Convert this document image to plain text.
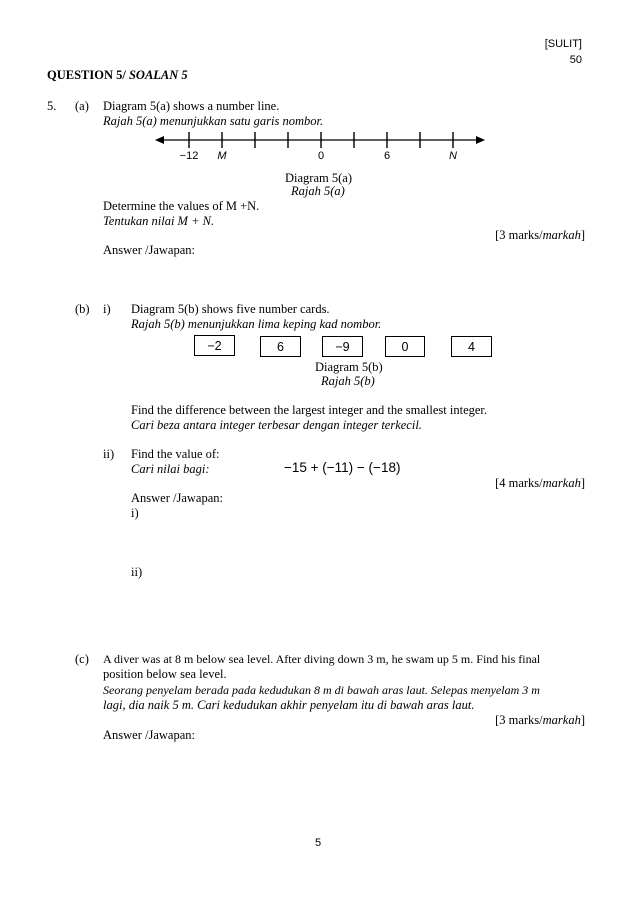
[SULIT]
50
QUESTION 5/ SOALAN 5
5. (a) Diagram 5(a) shows a number line.
Rajah 5(a) menunjukkan satu garis nombor.
−12 M	0	6	N
Diagram 5(a)
Rajah 5(a)
Determine the values of M +N.
Tentukan nilai M + N.
[3 marks/markah]
Answer /Jawapan:
(b) i) Diagram 5(b) shows five number cards.
Rajah 5(b) menunjukkan lima keping kad nombor.
−2	6	−9	0	4
Diagram 5(b)
Rajah 5(b)
Find the difference between the largest integer and the smallest integer.
Cari beza antara integer terbesar dengan integer terkecil.
ii) Find the value of:
Cari nilai bagi:	−15 + (−11) − (−18)
[4 marks/markah]
Answer /Jawapan:
i)
ii)
(c) A diver was at 8 m below sea level. After diving down 3 m, he swam up 5 m. Find his final
position below sea level.
Seorang penyelam berada pada kedudukan 8 m di bawah aras laut. Selepas menyelam 3 m
lagi, dia naik 5 m. Cari kedudukan akhir penyelam itu di bawah aras laut.
[3 marks/markah]
Answer /Jawapan:
5
